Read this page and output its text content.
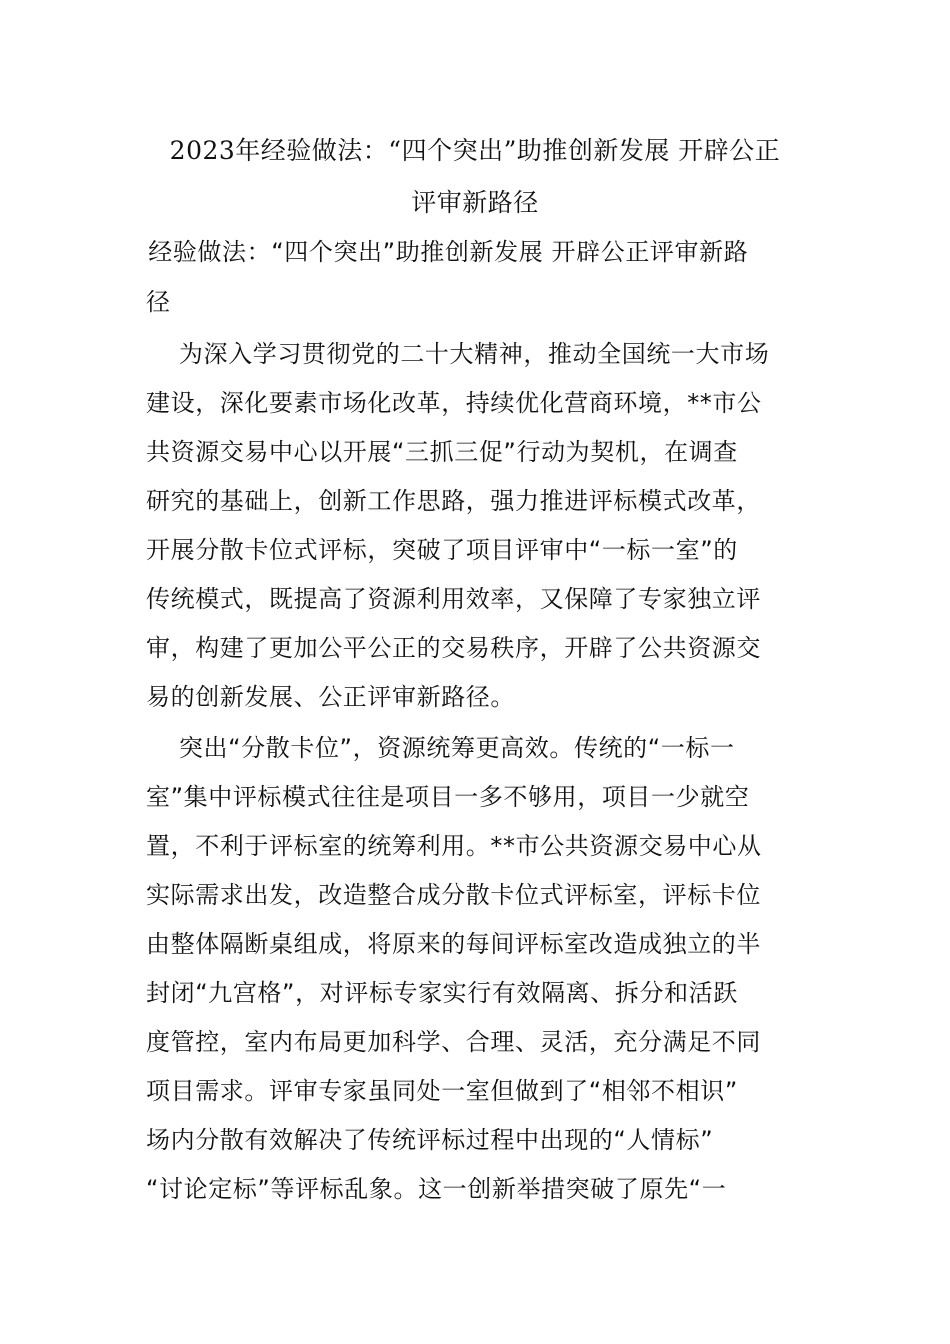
2023年经验做法：“四个突出”助推创新发展 开辟公正
评审新路径
经验做法：“四个突出”助推创新发展 开辟公正评审新路
径
为深入学习贯彻党的二十大精神，推动全国统一大市场
建设，深化要素市场化改革，持续优化营商环境，**市公
共资源交易中心以开展“三抓三促”行动为契机，在调查
研究的基础上，创新工作思路，强力推进评标模式改革，
开展分散卡位式评标，突破了项目评审中“一标一室”的
传统模式，既提高了资源利用效率，又保障了专家独立评
审，构建了更加公平公正的交易秩序，开辟了公共资源交
易的创新发展、公正评审新路径。
突出“分散卡位”，资源统筹更高效。传统的“一标一
室”集中评标模式往往是项目一多不够用，项目一少就空
置，不利于评标室的统筹利用。**市公共资源交易中心从
实际需求出发，改造整合成分散卡位式评标室，评标卡位
由整体隔断桌组成，将原来的每间评标室改造成独立的半
封闭“九宫格”，对评标专家实行有效隔离、拆分和活跃
度管控，室内布局更加科学、合理、灵活，充分满足不同
项目需求。评审专家虽同处一室但做到了“相邻不相识”
场内分散有效解决了传统评标过程中出现的“人情标”
“讨论定标”等评标乱象。这一创新举措突破了原先“一
